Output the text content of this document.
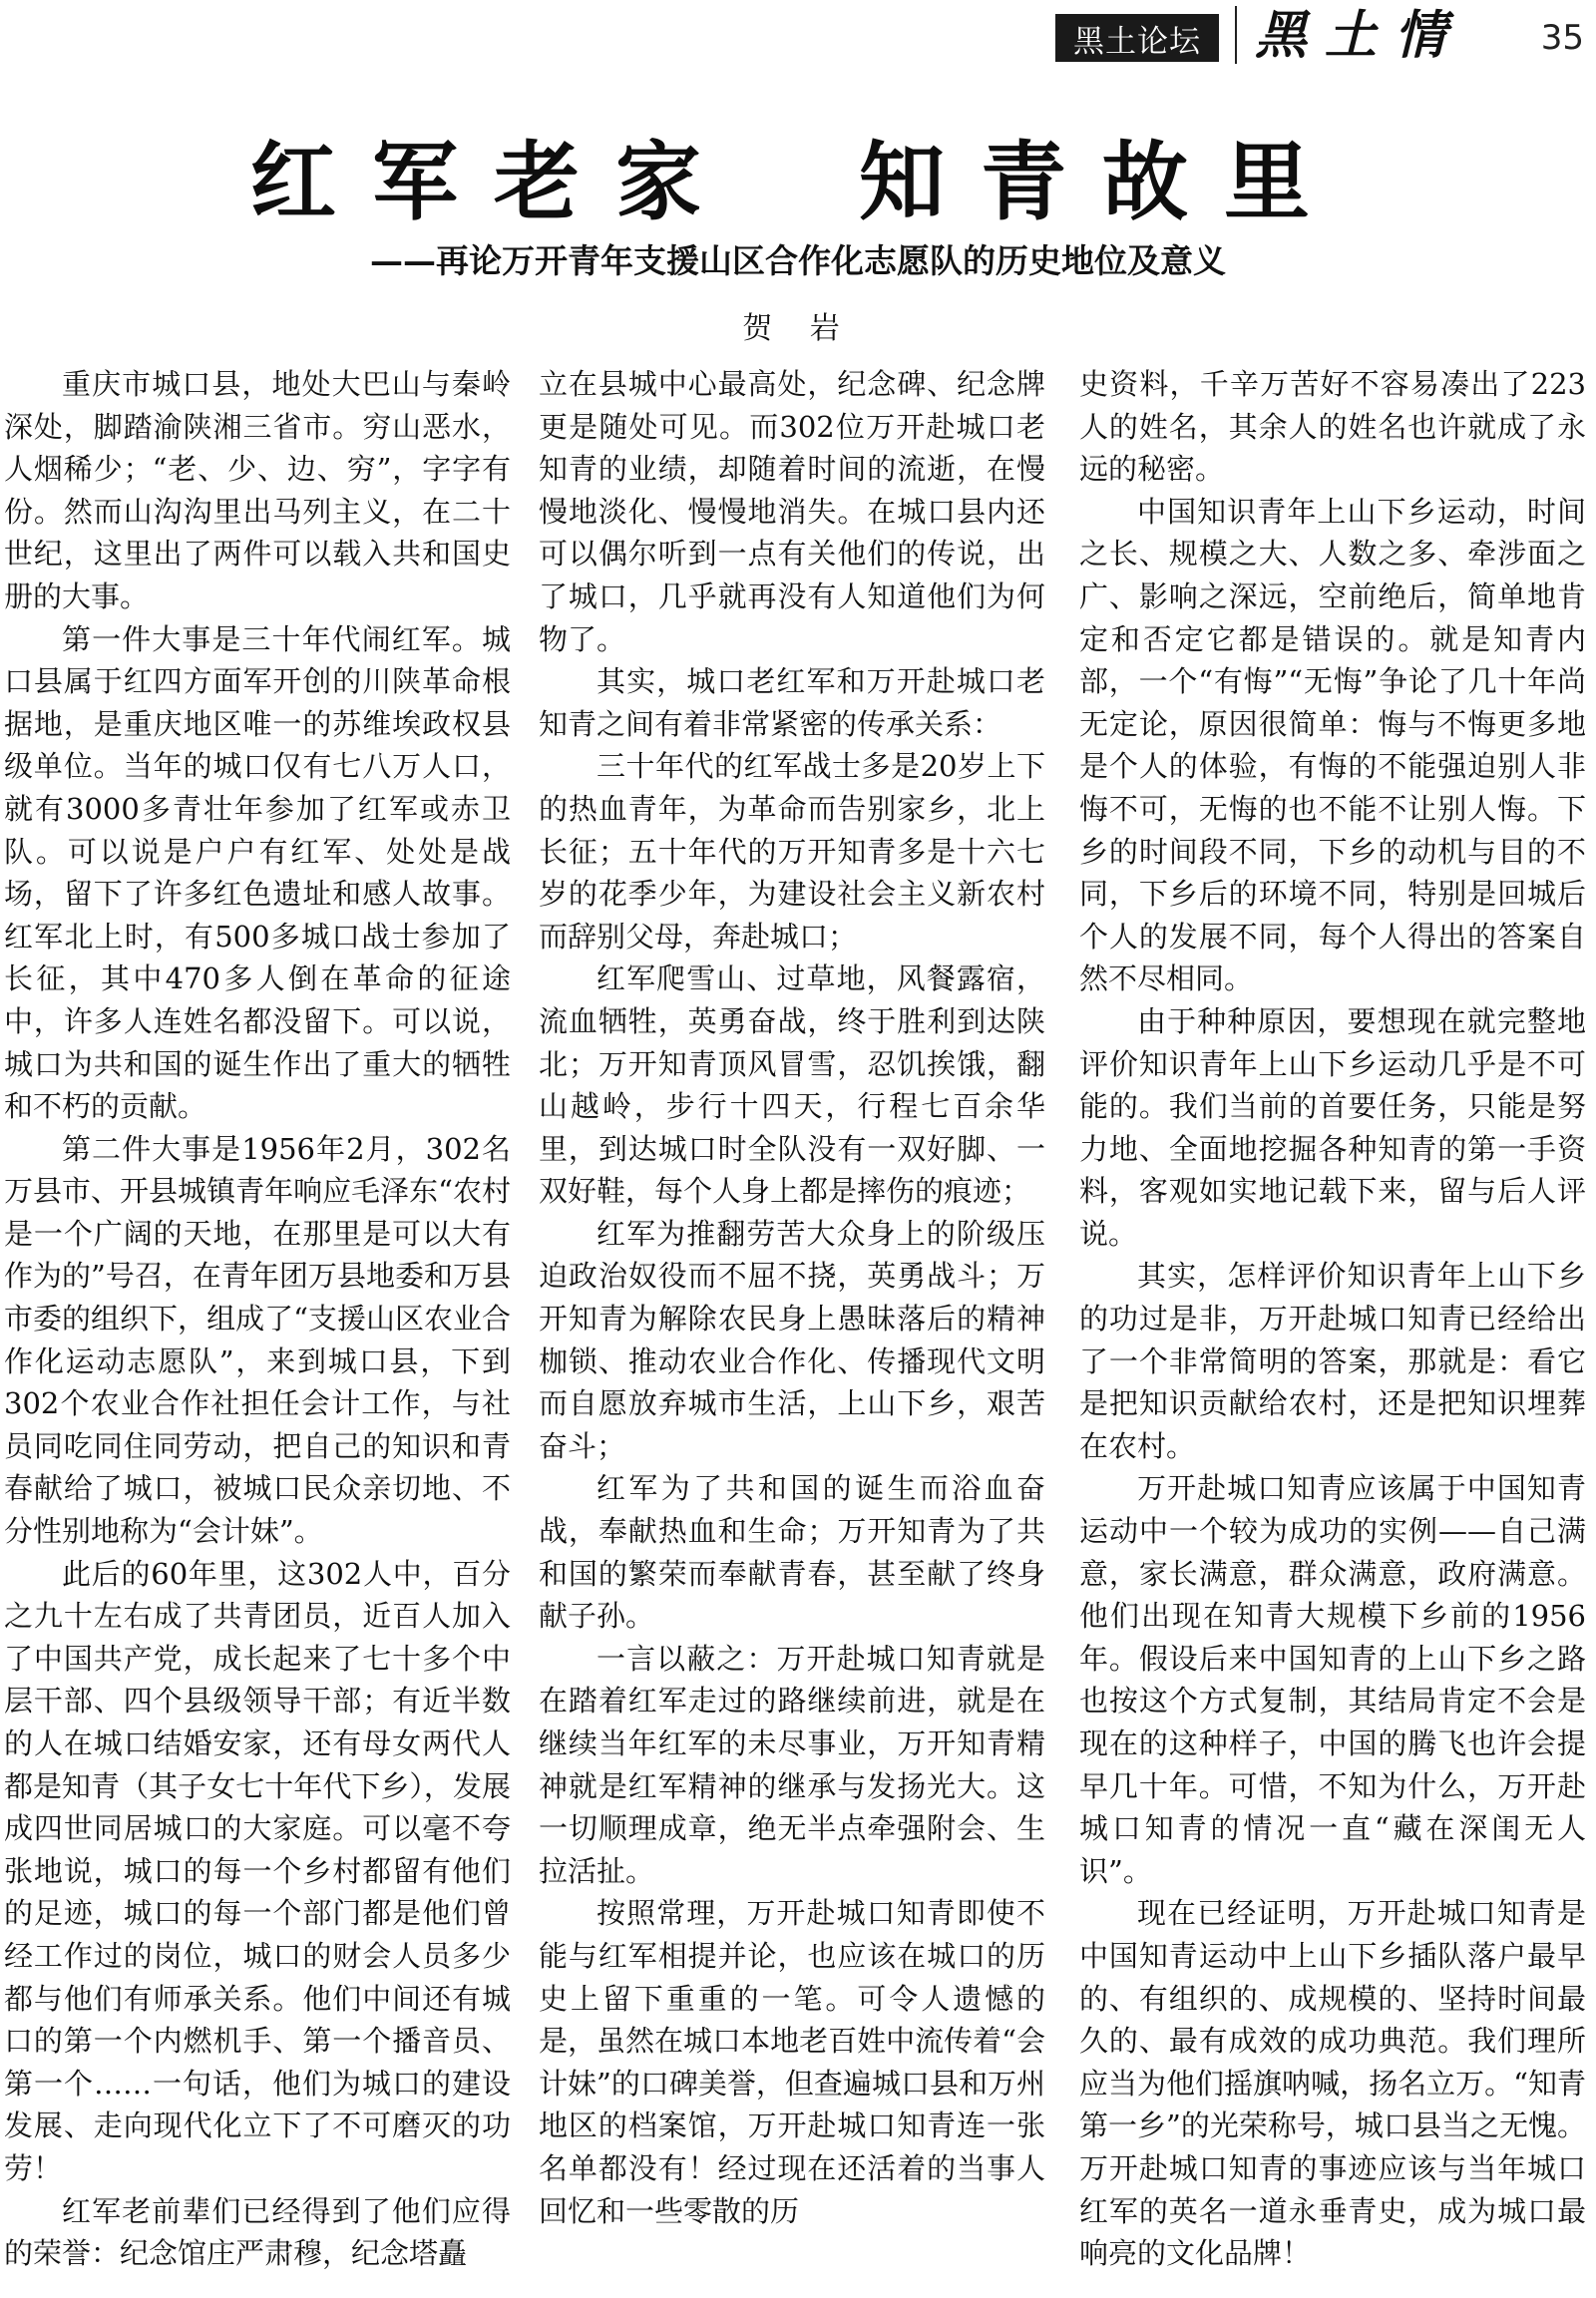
黑土论坛	黑土情	35
红军老家　知青故里
——再论万开青年支援山区合作化志愿队的历史地位及意义
贺 岩

重庆市城口县，地处大巴山与秦岭深处，脚踏渝陕湘三省市。穷山恶水，人烟稀少；“老、少、边、穷”，字字有份。然而山沟沟里出马列主义，在二十世纪，这里出了两件可以载入共和国史册的大事。

第一件大事是三十年代闹红军。城口县属于红四方面军开创的川陕革命根据地，是重庆地区唯一的苏维埃政权县级单位。当年的城口仅有七八万人口，就有3000多青壮年参加了红军或赤卫队。可以说是户户有红军、处处是战场，留下了许多红色遗址和感人故事。红军北上时，有500多城口战士参加了长征，其中470多人倒在革命的征途中，许多人连姓名都没留下。可以说，城口为共和国的诞生作出了重大的牺牲和不朽的贡献。

第二件大事是1956年2月，302名万县市、开县城镇青年响应毛泽东“农村是一个广阔的天地，在那里是可以大有作为的”号召，在青年团万县地委和万县市委的组织下，组成了“支援山区农业合作化运动志愿队”，来到城口县，下到302个农业合作社担任会计工作，与社员同吃同住同劳动，把自己的知识和青春献给了城口，被城口民众亲切地、不分性别地称为“会计妹”。

此后的60年里，这302人中，百分之九十左右成了共青团员，近百人加入了中国共产党，成长起来了七十多个中层干部、四个县级领导干部；有近半数的人在城口结婚安家，还有母女两代人都是知青（其子女七十年代下乡），发展成四世同居城口的大家庭。可以毫不夸张地说，城口的每一个乡村都留有他们的足迹，城口的每一个部门都是他们曾经工作过的岗位，城口的财会人员多少都与他们有师承关系。他们中间还有城口的第一个内燃机手、第一个播音员、第一个……一句话，他们为城口的建设发展、走向现代化立下了不可磨灭的功劳！

红军老前辈们已经得到了他们应得的荣誉：纪念馆庄严肃穆，纪念塔矗

立在县城中心最高处，纪念碑、纪念牌更是随处可见。而302位万开赴城口老知青的业绩，却随着时间的流逝，在慢慢地淡化、慢慢地消失。在城口县内还可以偶尔听到一点有关他们的传说，出了城口，几乎就再没有人知道他们为何物了。

其实，城口老红军和万开赴城口老知青之间有着非常紧密的传承关系：

三十年代的红军战士多是20岁上下的热血青年，为革命而告别家乡，北上长征；五十年代的万开知青多是十六七岁的花季少年，为建设社会主义新农村而辞别父母，奔赴城口；

红军爬雪山、过草地，风餐露宿，流血牺牲，英勇奋战，终于胜利到达陕北；万开知青顶风冒雪，忍饥挨饿，翻山越岭，步行十四天，行程七百余华里，到达城口时全队没有一双好脚、一双好鞋，每个人身上都是摔伤的痕迹；

红军为推翻劳苦大众身上的阶级压迫政治奴役而不屈不挠，英勇战斗；万开知青为解除农民身上愚昧落后的精神枷锁、推动农业合作化、传播现代文明而自愿放弃城市生活，上山下乡，艰苦奋斗；

红军为了共和国的诞生而浴血奋战，奉献热血和生命；万开知青为了共和国的繁荣而奉献青春，甚至献了终身献子孙。

一言以蔽之：万开赴城口知青就是在踏着红军走过的路继续前进，就是在继续当年红军的未尽事业，万开知青精神就是红军精神的继承与发扬光大。这一切顺理成章，绝无半点牵强附会、生拉活扯。

按照常理，万开赴城口知青即使不能与红军相提并论，也应该在城口的历史上留下重重的一笔。可令人遗憾的是，虽然在城口本地老百姓中流传着“会计妹”的口碑美誉，但查遍城口县和万州地区的档案馆，万开赴城口知青连一张名单都没有！经过现在还活着的当事人回忆和一些零散的历

史资料，千辛万苦好不容易凑出了223人的姓名，其余人的姓名也许就成了永远的秘密。

中国知识青年上山下乡运动，时间之长、规模之大、人数之多、牵涉面之广、影响之深远，空前绝后，简单地肯定和否定它都是错误的。就是知青内部，一个“有悔”“无悔”争论了几十年尚无定论，原因很简单：悔与不悔更多地是个人的体验，有悔的不能强迫别人非悔不可，无悔的也不能不让别人悔。下乡的时间段不同，下乡的动机与目的不同，下乡后的环境不同，特别是回城后个人的发展不同，每个人得出的答案自然不尽相同。

由于种种原因，要想现在就完整地评价知识青年上山下乡运动几乎是不可能的。我们当前的首要任务，只能是努力地、全面地挖掘各种知青的第一手资料，客观如实地记载下来，留与后人评说。

其实，怎样评价知识青年上山下乡的功过是非，万开赴城口知青已经给出了一个非常简明的答案，那就是：看它是把知识贡献给农村，还是把知识埋葬在农村。

万开赴城口知青应该属于中国知青运动中一个较为成功的实例——自己满意，家长满意，群众满意，政府满意。他们出现在知青大规模下乡前的1956年。假设后来中国知青的上山下乡之路也按这个方式复制，其结局肯定不会是现在的这种样子，中国的腾飞也许会提早几十年。可惜，不知为什么，万开赴城口知青的情况一直“藏在深闺无人识”。

现在已经证明，万开赴城口知青是中国知青运动中上山下乡插队落户最早的、有组织的、成规模的、坚持时间最久的、最有成效的成功典范。我们理所应当为他们摇旗呐喊，扬名立万。“知青第一乡”的光荣称号，城口县当之无愧。万开赴城口知青的事迹应该与当年城口红军的英名一道永垂青史，成为城口最响亮的文化品牌！
